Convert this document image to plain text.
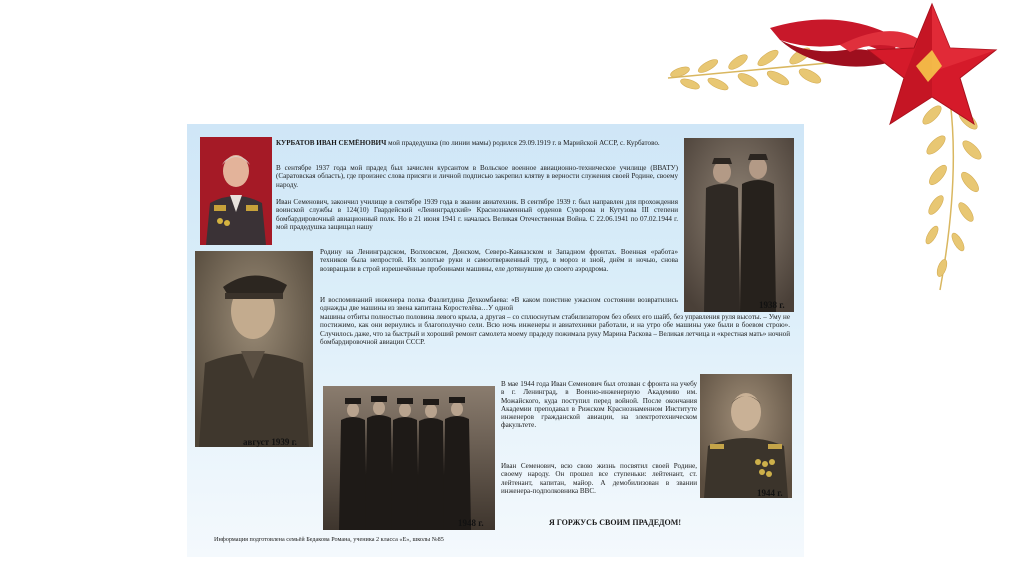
1938 г.
август 1939 г.
1948 г.
1944 г.

КУРБАТОВ ИВАН СЕМЁНОВИЧ мой прадедушка (по линии мамы) родился 29.09.1919 г. в Марийской АССР, с. Курбатово.

В сентябре 1937 года мой прадед был зачислен курсантом в Вольское военное авиационно-техническое училище (ВВАТУ) (Саратовская область), где произнес слова присяги и личной подписью закрепил клятву в верности служения своей Родине, своему народу.

Иван Семенович, закончил училище в сентябре 1939 года в звании авиатехник. В сентябре 1939 г. был направлен для прохождения воинской службы в 124(10) Гвардейский «Ленинградский» Краснознаменный орденов Суворова и Кутузова III степени бомбардировочный авиационный полк. Но в 21 июня 1941 г. началась Великая Отечественная Война. С 22.06.1941 по 07.02.1944 г. мой прадедушка защищал нашу

Родину на Ленинградском, Волховском, Донском, Северо-Кавказском и Западном фронтах. Военная «работа» техников была непростой. Их золотые руки и самоотверженный труд, в мороз и зной, днём и ночью, снова возвращали в строй изрешечённые пробоинами машины, еле дотянувшие до своего аэродрома.

И воспоминаний инженера полка Фазлитдина Дехкомбаева: «В каком поистине ужасном состоянии возвратились однажды две машины из звена капитана Коростелёва…У одной

машины отбиты полностью половина левого крыла, а другая – со сплюснутым стабилизатором без обеих его шайб, без управления руля высоты. – Уму не постижимо, как они вернулись и благополучно сели. Всю ночь инженеры и авиатехники работали, и на утро обе машины уже были в боевом строю». Случилось даже, что за быстрый и хороший ремонт самолета моему прадеду пожимала руку Марина Раскова – Великая летчица и «крестная мать» ночной бомбардировочной авиации СССР.

В мае 1944 года Иван Семенович был отозван с фронта на учебу в г. Ленинград, в Военно-инженерную Академию им. Можайского, куда поступил перед войной. После окончания Академии преподавал в Рижском Краснознаменном Институте инженеров гражданской авиации, на электротехническом факультете.

Иван Семенович, всю свою жизнь посвятил своей Родине, своему народу. Он прошел все ступеньки: лейтенант, ст. лейтенант, капитан, майор. А демобилизован в звании инженера-подполковника ВВС.

Я ГОРЖУСЬ СВОИМ ПРАДЕДОМ!
Информация подготовлена семьёй Бедакова Романа, ученика 2 класса «Е», школы №85
